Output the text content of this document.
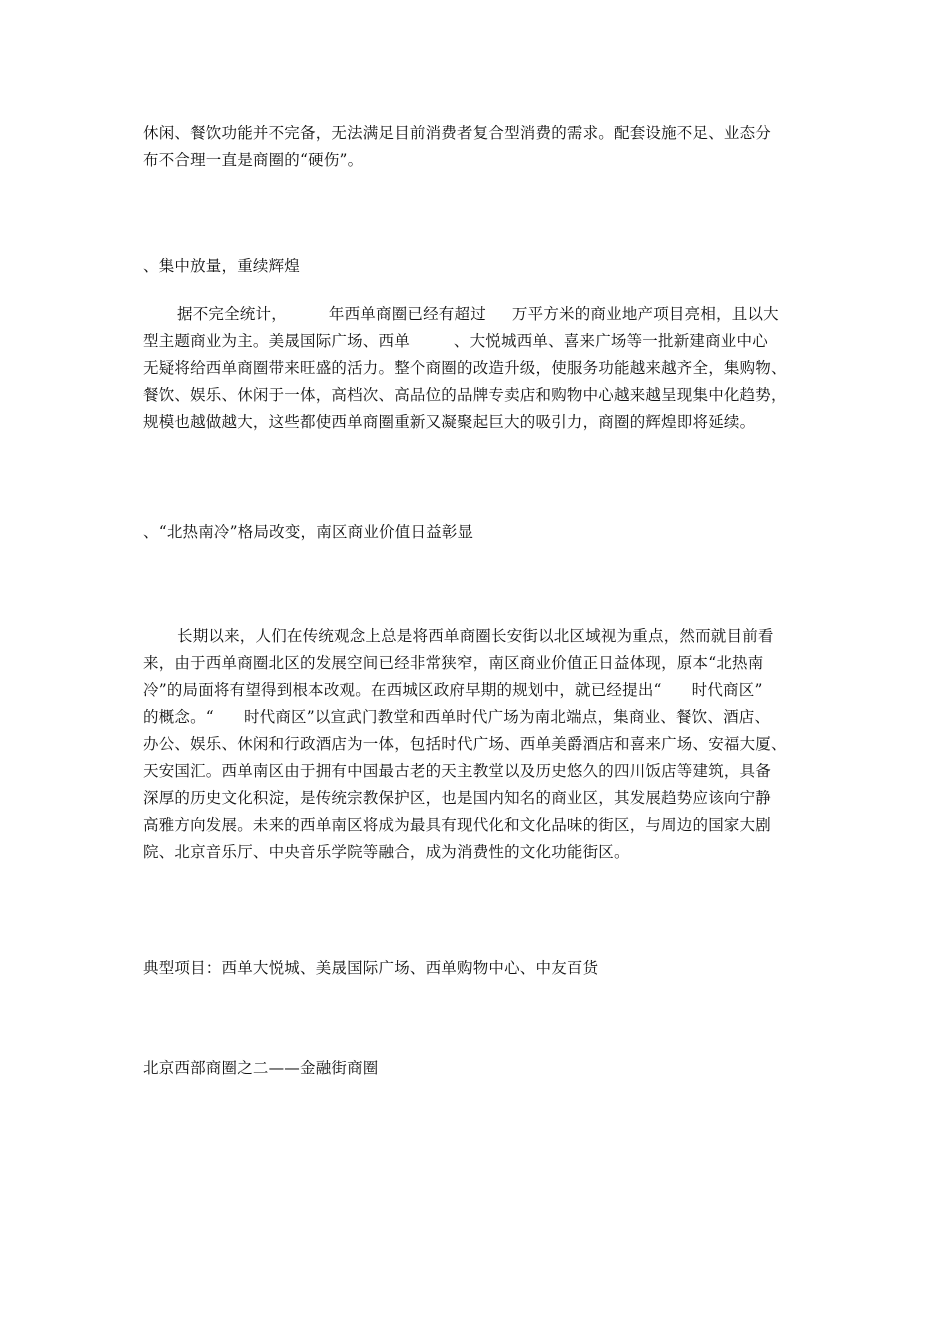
休闲、餐饮功能并不完备，无法满足目前消费者复合型消费的需求。配套设施不足、业态分
布不合理一直是商圈的“硬伤”。
、集中放量，重续辉煌
据不完全统计，	年西单商圈已经有超过 万平方米的商业地产项目亮相，且以大
型主题商业为主。美晟国际广场、西单	、大悦城西单、喜来广场等一批新建商业中心
无疑将给西单商圈带来旺盛的活力。整个商圈的改造升级，使服务功能越来越齐全，集购物、
餐饮、娱乐、休闲于一体，高档次、高品位的品牌专卖店和购物中心越来越呈现集中化趋势，
规模也越做越大，这些都使西单商圈重新又凝聚起巨大的吸引力，商圈的辉煌即将延续。
、“北热南冷”格局改变，南区商业价值日益彰显
长期以来，人们在传统观念上总是将西单商圈长安街以北区域视为重点，然而就目前看
来，由于西单商圈北区的发展空间已经非常狭窄，南区商业价值正日益体现，原本“北热南
冷”的局面将有望得到根本改观。在西城区政府早期的规划中，就已经提出“ 时代商区”
的概念。“ 时代商区”以宣武门教堂和西单时代广场为南北端点，集商业、餐饮、酒店、
办公、娱乐、休闲和行政酒店为一体，包括时代广场、西单美爵酒店和喜来广场、安福大厦、
天安国汇。西单南区由于拥有中国最古老的天主教堂以及历史悠久的四川饭店等建筑，具备
深厚的历史文化积淀，是传统宗教保护区，也是国内知名的商业区，其发展趋势应该向宁静
高雅方向发展。未来的西单南区将成为最具有现代化和文化品味的街区，与周边的国家大剧
院、北京音乐厅、中央音乐学院等融合，成为消费性的文化功能街区。
典型项目：西单大悦城、美晟国际广场、西单购物中心、中友百货
北京西部商圈之二——金融街商圈
